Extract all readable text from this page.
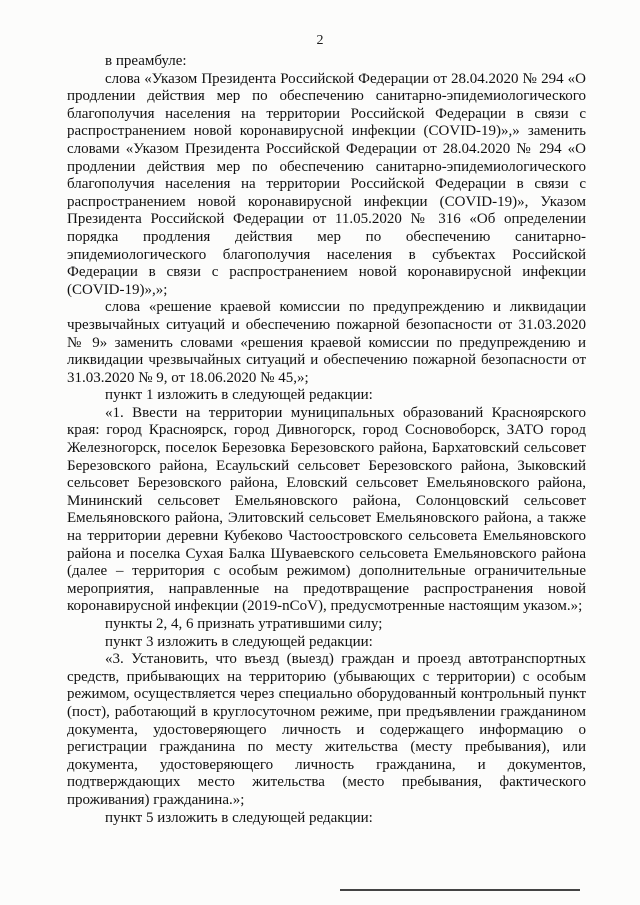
2

в преамбуле:

слова «Указом Президента Российской Федерации от 28.04.2020 № 294 «О продлении действия мер по обеспечению санитарно-эпидемиологического благополучия населения на территории Российской Федерации в связи с распространением новой коронавирусной инфекции (COVID-19)»,» заменить словами «Указом Президента Российской Федерации от 28.04.2020 № 294 «О продлении действия мер по обеспечению санитарно-эпидемиологического благополучия населения на территории Российской Федерации в связи с распространением новой коронавирусной инфекции (COVID-19)», Указом Президента Российской Федерации от 11.05.2020 № 316 «Об определении порядка продления действия мер по обеспечению санитарно-эпидемиологического благополучия населения в субъектах Российской Федерации в связи с распространением новой коронавирусной инфекции (COVID-19)»,»;

слова «решение краевой комиссии по предупреждению и ликвидации чрезвычайных ситуаций и обеспечению пожарной безопасности от 31.03.2020 № 9» заменить словами «решения краевой комиссии по предупреждению и ликвидации чрезвычайных ситуаций и обеспечению пожарной безопасности от 31.03.2020 № 9, от 18.06.2020 № 45,»;

пункт 1 изложить в следующей редакции:

«1. Ввести на территории муниципальных образований Красноярского края: город Красноярск, город Дивногорск, город Сосновоборск, ЗАТО город Железногорск, поселок Березовка Березовского района, Бархатовский сельсовет Березовского района, Есаульский сельсовет Березовского района, Зыковский сельсовет Березовского района, Еловский сельсовет Емельяновского района, Мининский сельсовет Емельяновского района, Солонцовский сельсовет Емельяновского района, Элитовский сельсовет Емельяновского района, а также на территории деревни Кубеково Частоостровского сельсовета Емельяновского района и поселка Сухая Балка Шуваевского сельсовета Емельяновского района (далее – территория с особым режимом) дополнительные ограничительные мероприятия, направленные на предотвращение распространения новой коронавирусной инфекции (2019-nCoV), предусмотренные настоящим указом.»;

пункты 2, 4, 6 признать утратившими силу;

пункт 3 изложить в следующей редакции:

«3. Установить, что въезд (выезд) граждан и проезд автотранспортных средств, прибывающих на территорию (убывающих с территории) с особым режимом, осуществляется через специально оборудованный контрольный пункт (пост), работающий в круглосуточном режиме, при предъявлении гражданином документа, удостоверяющего личность и содержащего информацию о регистрации гражданина по месту жительства (месту пребывания), или документа, удостоверяющего личность гражданина, и документов, подтверждающих место жительства (место пребывания, фактического проживания) гражданина.»;

пункт 5 изложить в следующей редакции:
